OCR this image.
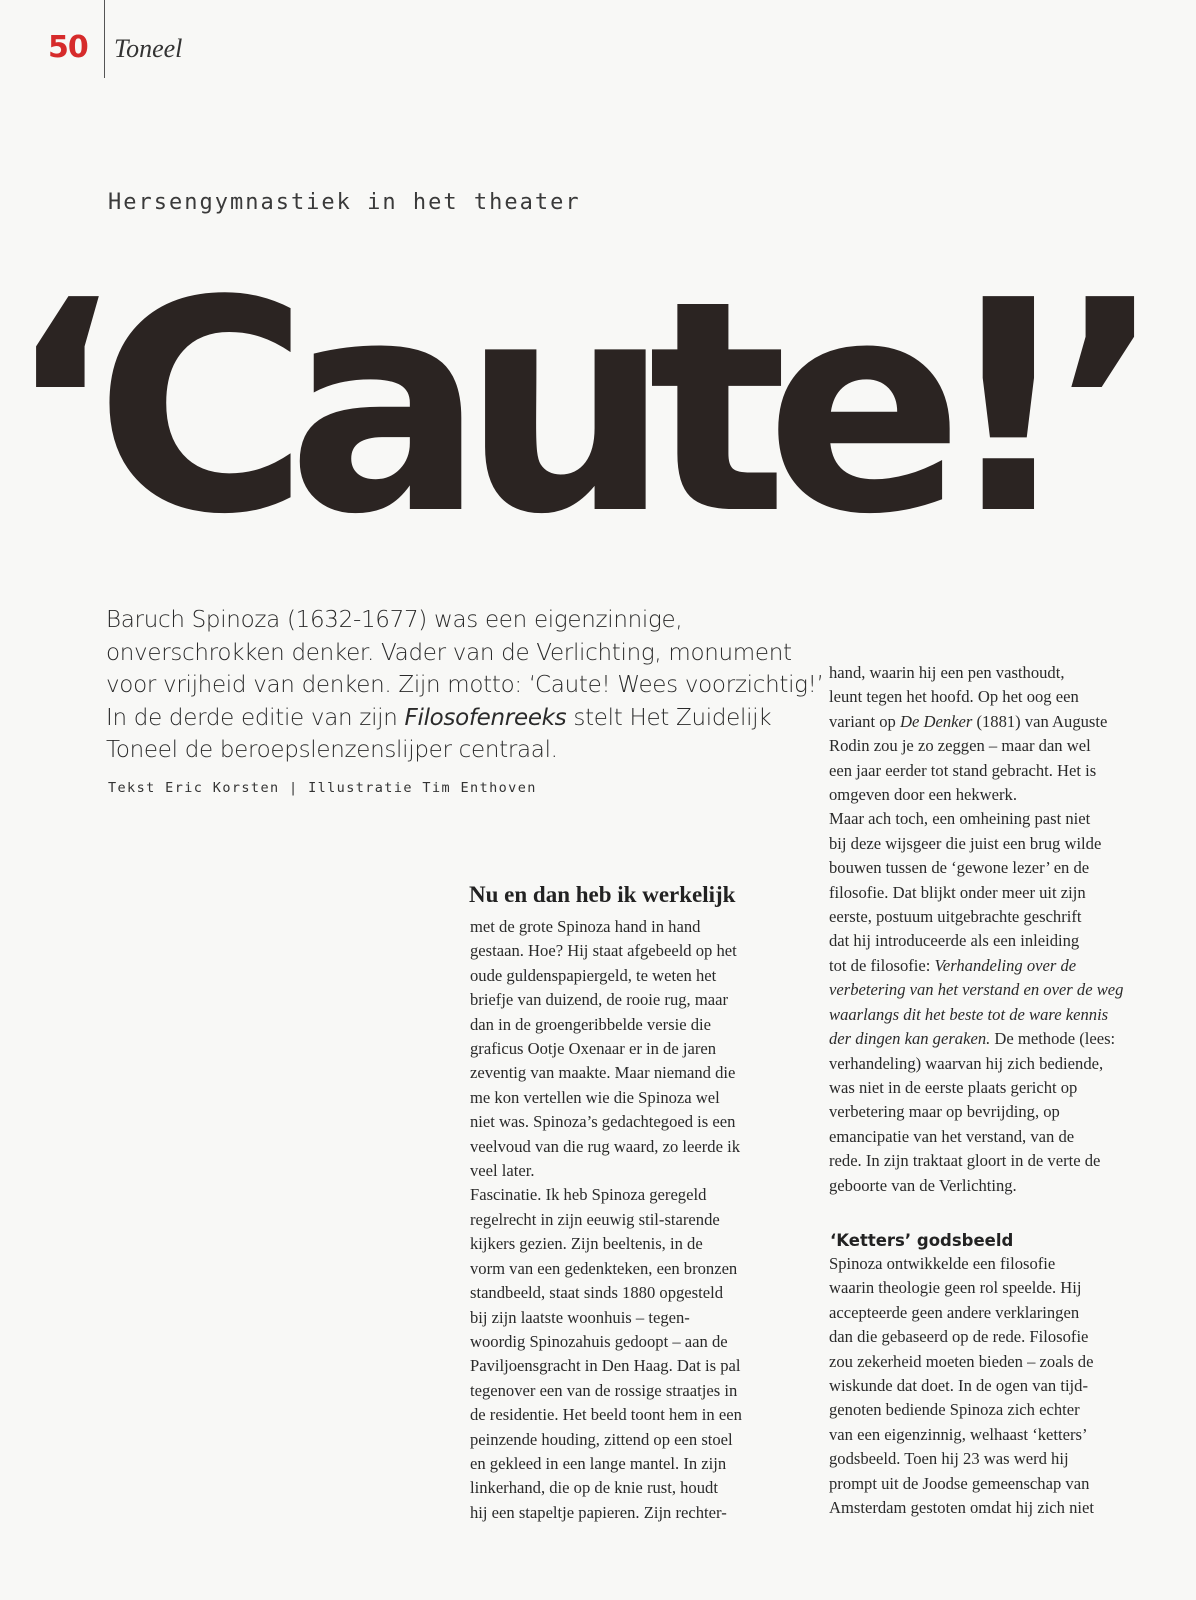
50 Toneel
Hersengymnastiek in het theater
‘Caute!’
Baruch Spinoza (1632-1677) was een eigenzinnige,
onverschrokken denker. Vader van de Verlichting, monument
voor vrijheid van denken. Zijn motto: ‘Caute! Wees voorzichtig!’
In de derde editie van zijn Filosofenreeks stelt Het Zuidelijk
Toneel de beroepslenzenslijper centraal.
Tekst Eric Korsten | Illustratie Tim Enthoven
Nu en dan heb ik werkelijk
met de grote Spinoza hand in hand
gestaan. Hoe? Hij staat afgebeeld op het
oude guldenspapiergeld, te weten het
briefje van duizend, de rooie rug, maar
dan in de groengeribbelde versie die
graficus Ootje Oxenaar er in de jaren
zeventig van maakte. Maar niemand die
me kon vertellen wie die Spinoza wel
niet was. Spinoza’s gedachtegoed is een
veelvoud van die rug waard, zo leerde ik
veel later.
Fascinatie. Ik heb Spinoza geregeld
regelrecht in zijn eeuwig stil-starende
kijkers gezien. Zijn beeltenis, in de
vorm van een gedenkteken, een bronzen
standbeeld, staat sinds 1880 opgesteld
bij zijn laatste woonhuis – tegen-
woordig Spinozahuis gedoopt – aan de
Paviljoensgracht in Den Haag. Dat is pal
tegenover een van de rossige straatjes in
de residentie. Het beeld toont hem in een
peinzende houding, zittend op een stoel
en gekleed in een lange mantel. In zijn
linkerhand, die op de knie rust, houdt
hij een stapeltje papieren. Zijn rechter-
hand, waarin hij een pen vasthoudt,
leunt tegen het hoofd. Op het oog een
variant op De Denker (1881) van Auguste
Rodin zou je zo zeggen – maar dan wel
een jaar eerder tot stand gebracht. Het is
omgeven door een hekwerk.
Maar ach toch, een omheining past niet
bij deze wijsgeer die juist een brug wilde
bouwen tussen de ‘gewone lezer’ en de
filosofie. Dat blijkt onder meer uit zijn
eerste, postuum uitgebrachte geschrift
dat hij introduceerde als een inleiding
tot de filosofie: Verhandeling over de
verbetering van het verstand en over de weg
waarlangs dit het beste tot de ware kennis
der dingen kan geraken. De methode (lees:
verhandeling) waarvan hij zich bediende,
was niet in de eerste plaats gericht op
verbetering maar op bevrijding, op
emancipatie van het verstand, van de
rede. In zijn traktaat gloort in de verte de
geboorte van de Verlichting.
‘Ketters’ godsbeeld
Spinoza ontwikkelde een filosofie
waarin theologie geen rol speelde. Hij
accepteerde geen andere verklaringen
dan die gebaseerd op de rede. Filosofie
zou zekerheid moeten bieden – zoals de
wiskunde dat doet. In de ogen van tijd-
genoten bediende Spinoza zich echter
van een eigenzinnig, welhaast ‘ketters’
godsbeeld. Toen hij 23 was werd hij
prompt uit de Joodse gemeenschap van
Amsterdam gestoten omdat hij zich niet
